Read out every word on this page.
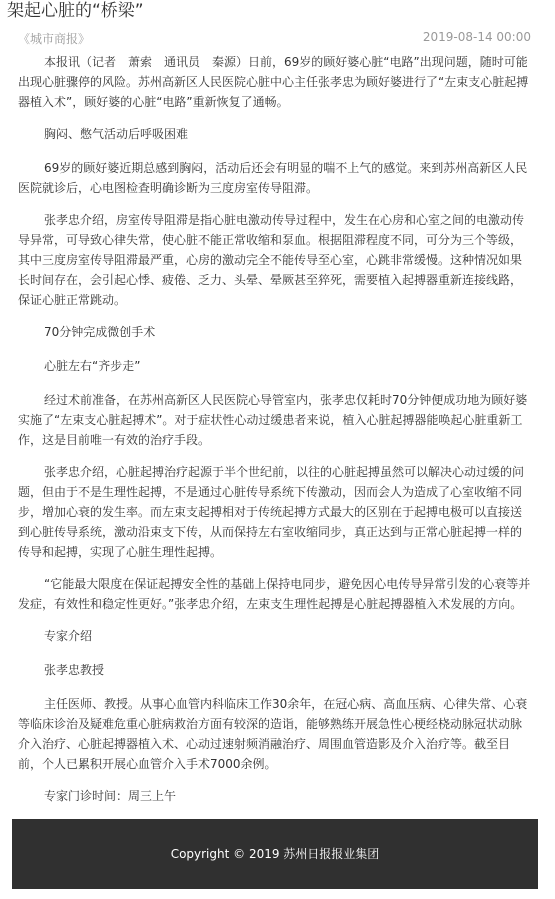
架起心脏的“桥梁”
《城市商报》	2019-08-14 00:00

本报讯（记者　萧索　通讯员　秦源）日前，69岁的顾好婆心脏“电路”出现问题，随时可能出现心脏骤停的风险。苏州高新区人民医院心脏中心主任张孝忠为顾好婆进行了“左束支心脏起搏器植入术”，顾好婆的心脏“电路”重新恢复了通畅。

胸闷、憋气活动后呼吸困难

69岁的顾好婆近期总感到胸闷，活动后还会有明显的喘不上气的感觉。来到苏州高新区人民医院就诊后，心电图检查明确诊断为三度房室传导阻滞。

张孝忠介绍，房室传导阻滞是指心脏电激动传导过程中，发生在心房和心室之间的电激动传导异常，可导致心律失常，使心脏不能正常收缩和泵血。根据阻滞程度不同，可分为三个等级，其中三度房室传导阻滞最严重，心房的激动完全不能传导至心室，心跳非常缓慢。这种情况如果长时间存在，会引起心悸、疲倦、乏力、头晕、晕厥甚至猝死，需要植入起搏器重新连接线路，保证心脏正常跳动。

70分钟完成微创手术

心脏左右“齐步走”

经过术前准备，在苏州高新区人民医院心导管室内，张孝忠仅耗时70分钟便成功地为顾好婆实施了“左束支心脏起搏术”。对于症状性心动过缓患者来说，植入心脏起搏器能唤起心脏重新工作，这是目前唯一有效的治疗手段。

张孝忠介绍，心脏起搏治疗起源于半个世纪前，以往的心脏起搏虽然可以解决心动过缓的问题，但由于不是生理性起搏，不是通过心脏传导系统下传激动，因而会人为造成了心室收缩不同步，增加心衰的发生率。而左束支起搏相对于传统起搏方式最大的区别在于起搏电极可以直接送到心脏传导系统，激动沿束支下传，从而保持左右室收缩同步，真正达到与正常心脏起搏一样的传导和起搏，实现了心脏生理性起搏。

“它能最大限度在保证起搏安全性的基础上保持电同步，避免因心电传导异常引发的心衰等并发症，有效性和稳定性更好。”张孝忠介绍，左束支生理性起搏是心脏起搏器植入术发展的方向。

专家介绍

张孝忠教授

主任医师、教授。从事心血管内科临床工作30余年，在冠心病、高血压病、心律失常、心衰等临床诊治及疑难危重心脏病救治方面有较深的造诣，能够熟练开展急性心梗经桡动脉冠状动脉介入治疗、心脏起搏器植入术、心动过速射频消融治疗、周围血管造影及介入治疗等。截至目前，个人已累积开展心血管介入手术7000余例。

专家门诊时间：周三上午

Copyright © 2019 苏州日报报业集团
